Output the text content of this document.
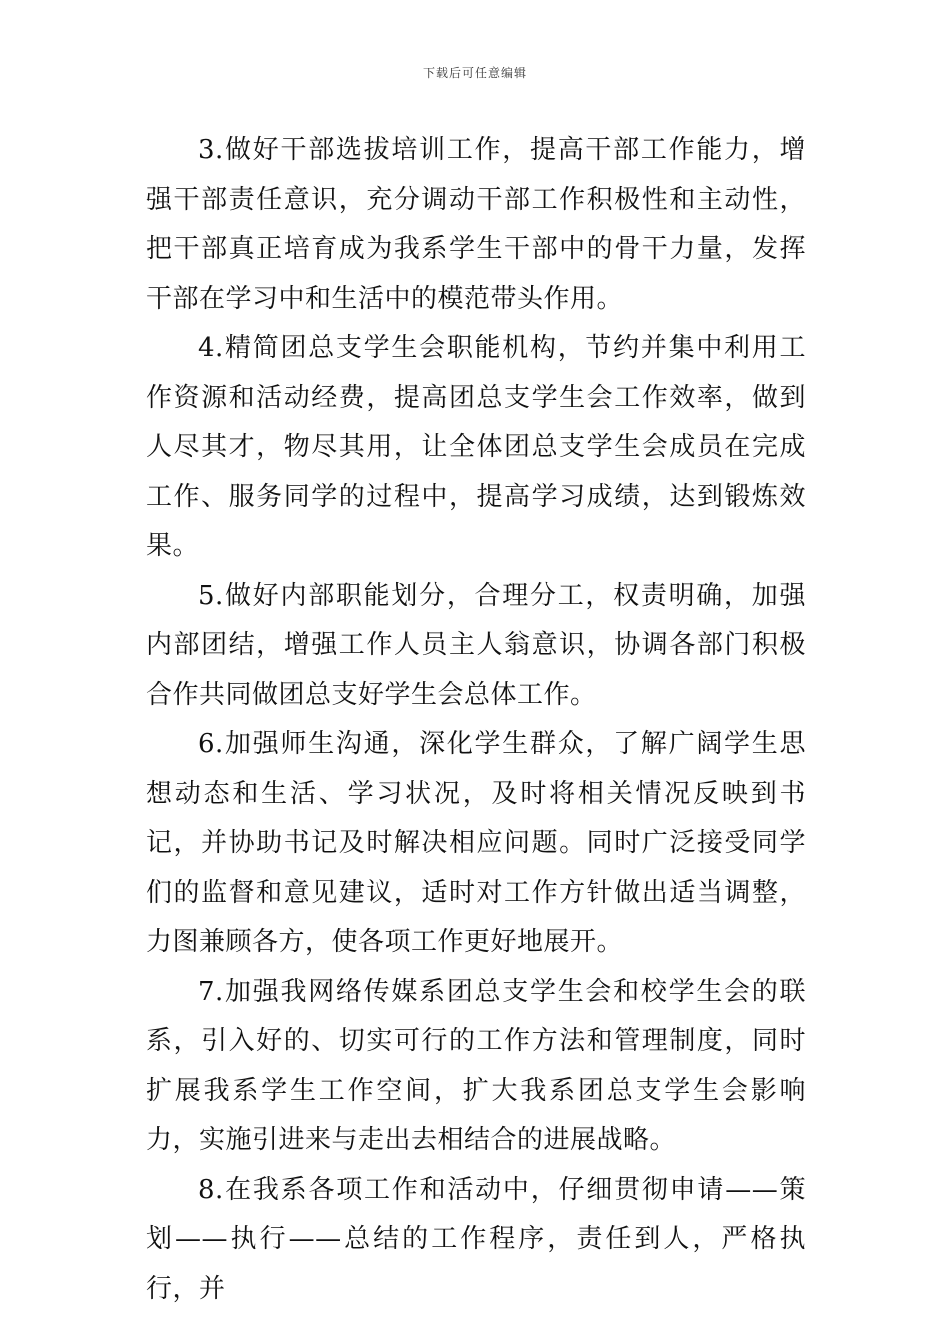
下载后可任意编辑

3.做好干部选拔培训工作，提高干部工作能力，增强干部责任意识，充分调动干部工作积极性和主动性，把干部真正培育成为我系学生干部中的骨干力量，发挥干部在学习中和生活中的模范带头作用。

4.精简团总支学生会职能机构，节约并集中利用工作资源和活动经费，提高团总支学生会工作效率，做到人尽其才，物尽其用，让全体团总支学生会成员在完成工作、服务同学的过程中，提高学习成绩，达到锻炼效果。

5.做好内部职能划分，合理分工，权责明确，加强内部团结，增强工作人员主人翁意识，协调各部门积极合作共同做团总支好学生会总体工作。

6.加强师生沟通，深化学生群众，了解广阔学生思想动态和生活、学习状况，及时将相关情况反映到书记，并协助书记及时解决相应问题。同时广泛接受同学们的监督和意见建议，适时对工作方针做出适当调整，力图兼顾各方，使各项工作更好地展开。

7.加强我网络传媒系团总支学生会和校学生会的联系，引入好的、切实可行的工作方法和管理制度，同时扩展我系学生工作空间，扩大我系团总支学生会影响力，实施引进来与走出去相结合的进展战略。

8.在我系各项工作和活动中，仔细贯彻申请——策划——执行——总结的工作程序，责任到人，严格执行，并
